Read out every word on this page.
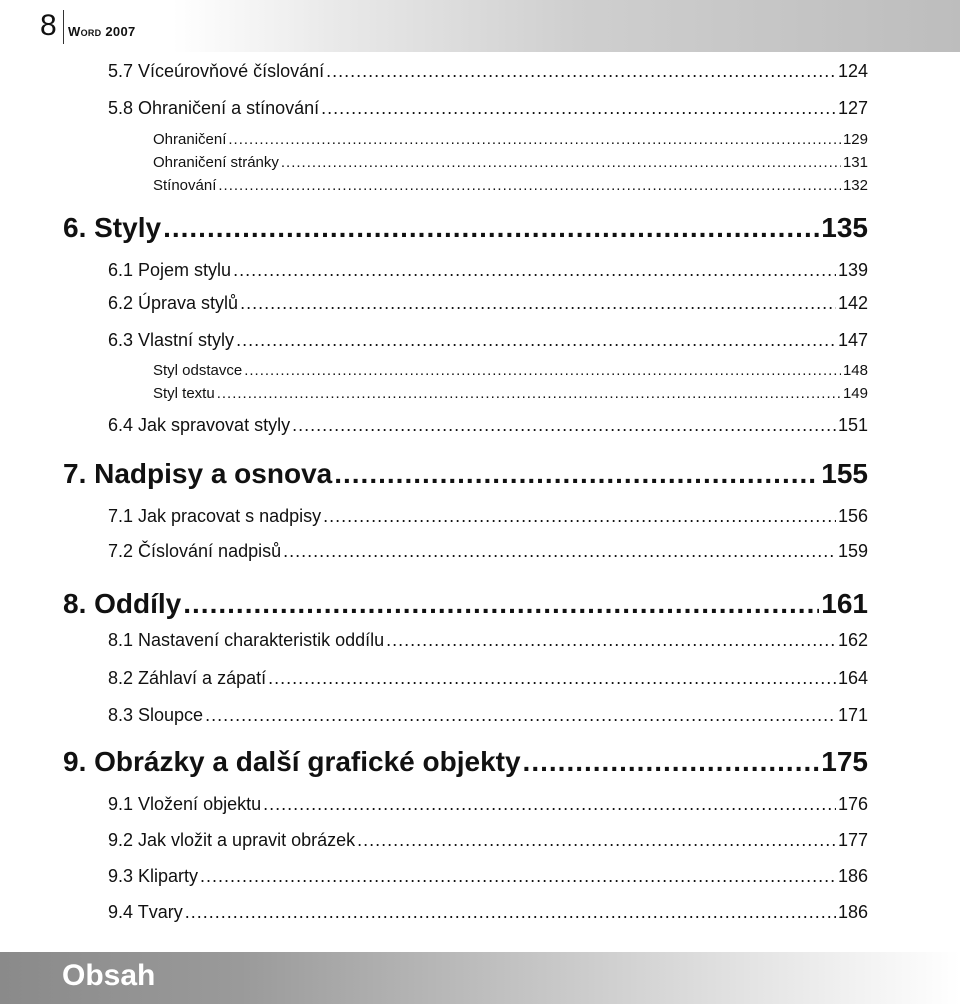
8 Word 2007
5.7 Víceúrovňové číslování .....	124
5.8 Ohraničení a stínování .....	127
Ohraničení .....	129
Ohraničení stránky .....	131
Stínování .....	132
6. Styly .....	135
6.1 Pojem stylu .....	139
6.2 Úprava stylů .....	142
6.3 Vlastní styly .....	147
Styl odstavce .....	148
Styl textu .....	149
6.4 Jak spravovat styly .....	151
7. Nadpisy a osnova .....	155
7.1 Jak pracovat s nadpisy .....	156
7.2 Číslování nadpisů .....	159
8. Oddíly .....	161
8.1 Nastavení charakteristik oddílu .....	162
8.2 Záhlaví a zápatí .....	164
8.3 Sloupce .....	171
9. Obrázky a další grafické objekty .....	175
9.1 Vložení objektu .....	176
9.2 Jak vložit a upravit obrázek .....	177
9.3 Kliparty .....	186
9.4 Tvary .....	186
Obsah
